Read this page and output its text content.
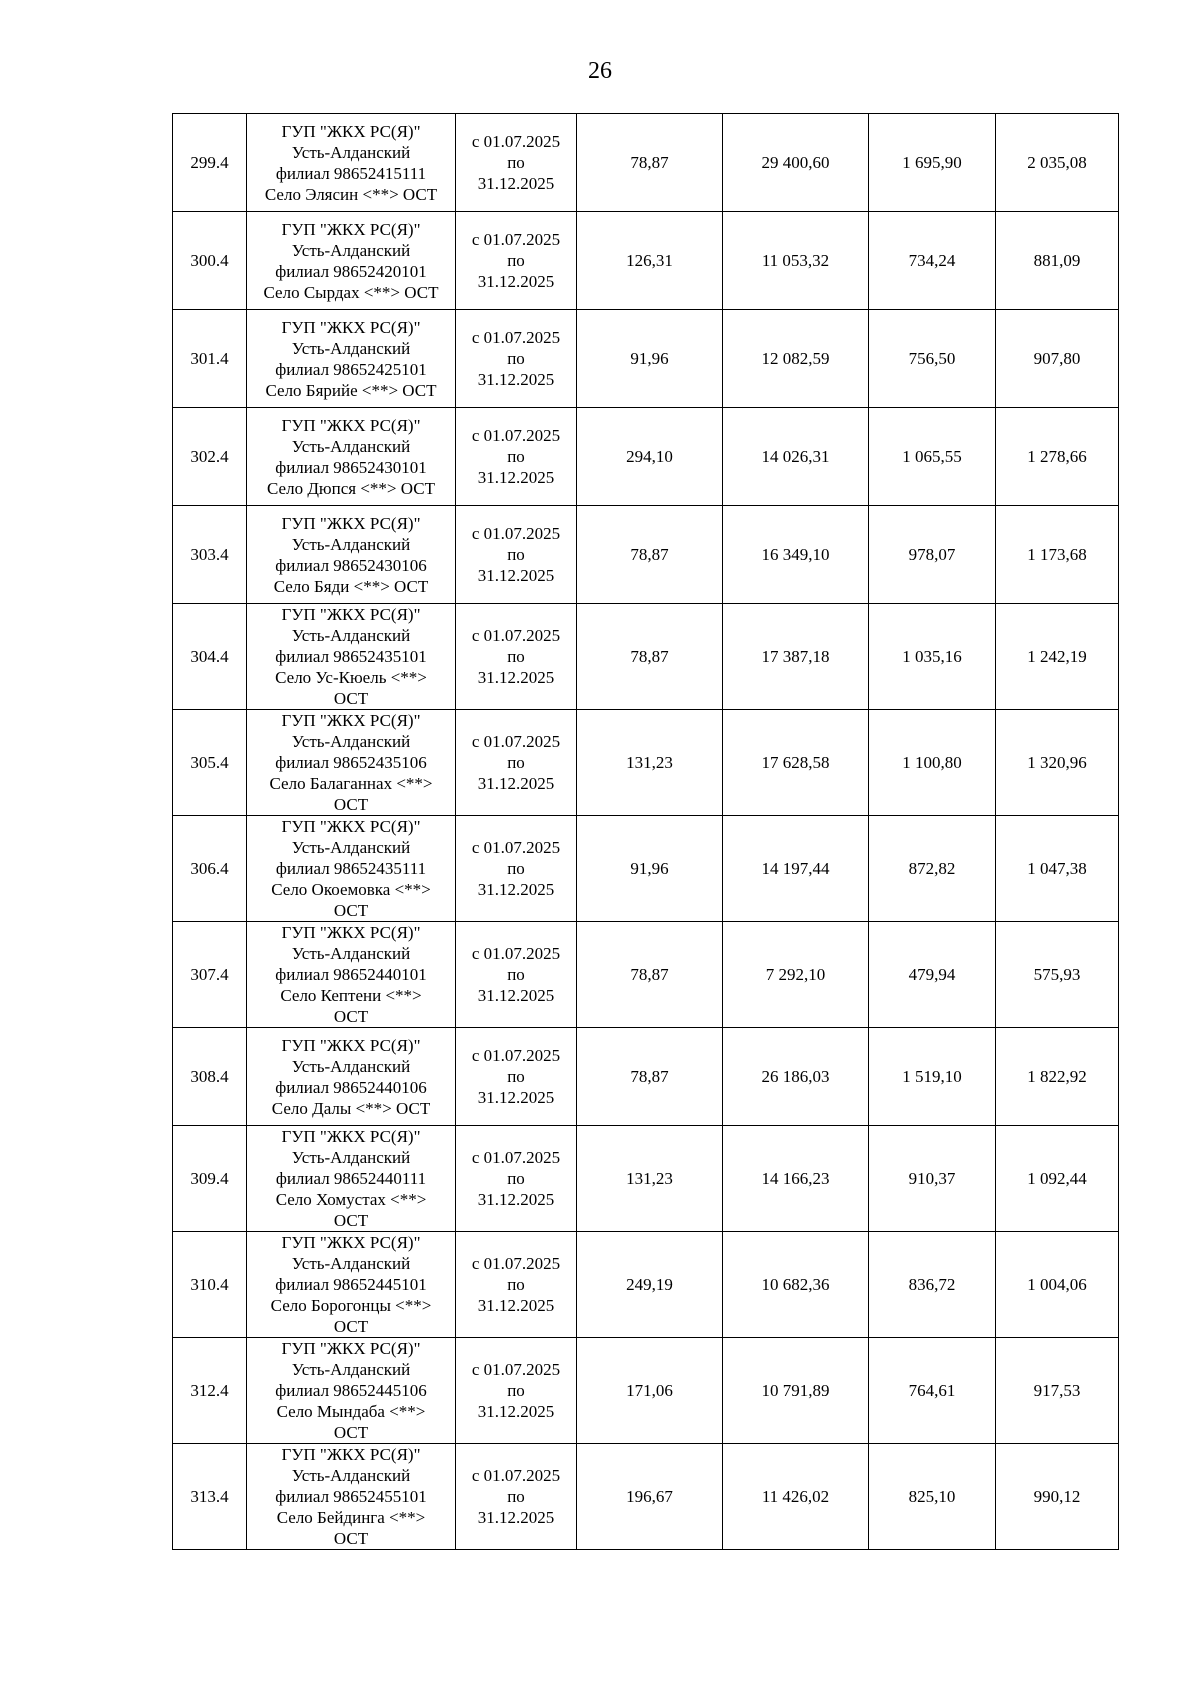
26
299.4	ГУП "ЖКХ РС(Я)"
Усть-Алданский
филиал 98652415111
Село Элясин <**> ОСТ	с 01.07.2025
по
31.12.2025	78,87	29 400,60	1 695,90	2 035,08
300.4	ГУП "ЖКХ РС(Я)"
Усть-Алданский
филиал 98652420101
Село Сырдах <**> ОСТ	с 01.07.2025
по
31.12.2025	126,31	11 053,32	734,24	881,09
301.4	ГУП "ЖКХ РС(Я)"
Усть-Алданский
филиал 98652425101
Село Бярийе <**> ОСТ	с 01.07.2025
по
31.12.2025	91,96	12 082,59	756,50	907,80
302.4	ГУП "ЖКХ РС(Я)"
Усть-Алданский
филиал 98652430101
Село Дюпся <**> ОСТ	с 01.07.2025
по
31.12.2025	294,10	14 026,31	1 065,55	1 278,66
303.4	ГУП "ЖКХ РС(Я)"
Усть-Алданский
филиал 98652430106
Село Бяди <**> ОСТ	с 01.07.2025
по
31.12.2025	78,87	16 349,10	978,07	1 173,68
304.4	ГУП "ЖКХ РС(Я)"
Усть-Алданский
филиал 98652435101
Село Ус-Кюель <**>
ОСТ	с 01.07.2025
по
31.12.2025	78,87	17 387,18	1 035,16	1 242,19
305.4	ГУП "ЖКХ РС(Я)"
Усть-Алданский
филиал 98652435106
Село Балаганнах <**>
ОСТ	с 01.07.2025
по
31.12.2025	131,23	17 628,58	1 100,80	1 320,96
306.4	ГУП "ЖКХ РС(Я)"
Усть-Алданский
филиал 98652435111
Село Окоемовка <**>
ОСТ	с 01.07.2025
по
31.12.2025	91,96	14 197,44	872,82	1 047,38
307.4	ГУП "ЖКХ РС(Я)"
Усть-Алданский
филиал 98652440101
Село Кептени <**>
ОСТ	с 01.07.2025
по
31.12.2025	78,87	7 292,10	479,94	575,93
308.4	ГУП "ЖКХ РС(Я)"
Усть-Алданский
филиал 98652440106
Село Далы <**> ОСТ	с 01.07.2025
по
31.12.2025	78,87	26 186,03	1 519,10	1 822,92
309.4	ГУП "ЖКХ РС(Я)"
Усть-Алданский
филиал 98652440111
Село Хомустах <**>
ОСТ	с 01.07.2025
по
31.12.2025	131,23	14 166,23	910,37	1 092,44
310.4	ГУП "ЖКХ РС(Я)"
Усть-Алданский
филиал 98652445101
Село Борогонцы <**>
ОСТ	с 01.07.2025
по
31.12.2025	249,19	10 682,36	836,72	1 004,06
312.4	ГУП "ЖКХ РС(Я)"
Усть-Алданский
филиал 98652445106
Село Мындаба <**>
ОСТ	с 01.07.2025
по
31.12.2025	171,06	10 791,89	764,61	917,53
313.4	ГУП "ЖКХ РС(Я)"
Усть-Алданский
филиал 98652455101
Село Бейдинга <**>
ОСТ	с 01.07.2025
по
31.12.2025	196,67	11 426,02	825,10	990,12
